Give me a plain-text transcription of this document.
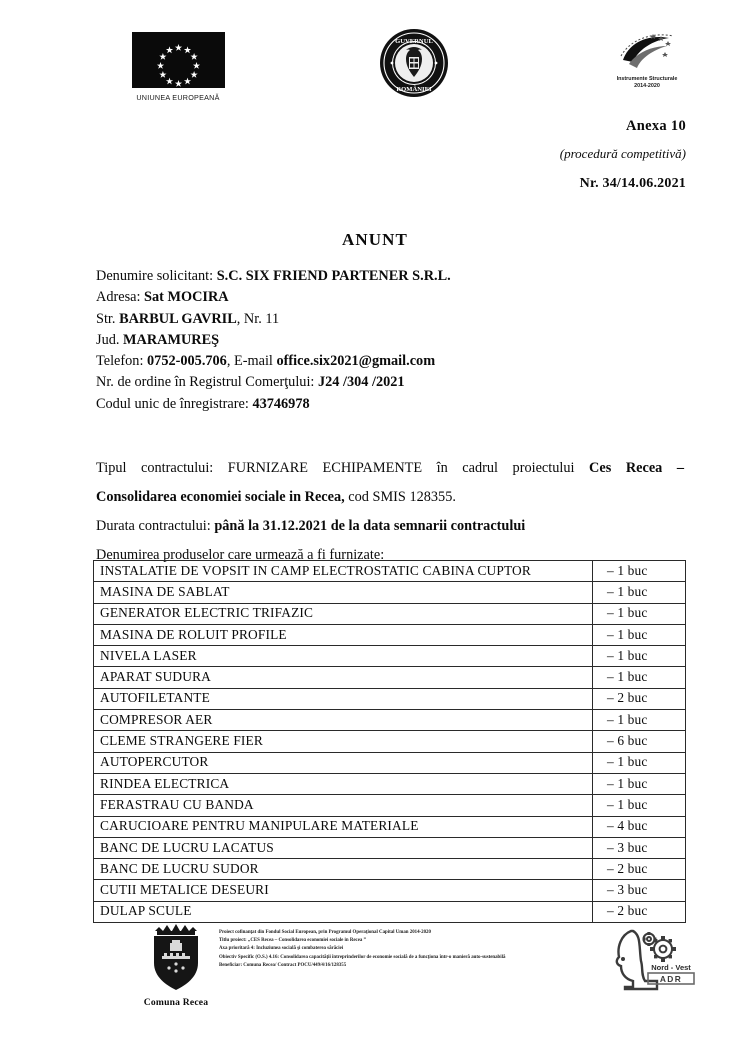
UNIUNEA EUROPEANĂ
GUVERNUL
ROMÂNIEI
Instrumente Structurale
2014-2020
Anexa 10
(procedură competitivă)
Nr. 34/14.06.2021
ANUNT
Denumire solicitant: S.C. SIX FRIEND PARTENER S.R.L.
Adresa: Sat MOCIRA
Str. BARBUL GAVRIL, Nr. 11
Jud. MARAMUREŞ
Telefon: 0752-005.706, E-mail office.six2021@gmail.com
Nr. de ordine în Registrul Comerţului: J24 /304 /2021
Codul unic de înregistrare: 43746978

Tipul contractului: FURNIZARE ECHIPAMENTE în cadrul proiectului Ces Recea –

Consolidarea economiei sociale in Recea, cod SMIS 128355.

Durata contractului: până la 31.12.2021 de la data semnarii contractului

Denumirea produselor care urmează a fi furnizate:

INSTALATIE DE VOPSIT IN CAMP ELECTROSTATIC CABINA CUPTOR	– 1 buc
MASINA DE SABLAT	– 1 buc
GENERATOR ELECTRIC TRIFAZIC	– 1 buc
MASINA DE ROLUIT PROFILE	– 1 buc
NIVELA LASER	– 1 buc
APARAT SUDURA	– 1 buc
AUTOFILETANTE	– 2 buc
COMPRESOR AER	– 1 buc
CLEME STRANGERE FIER	– 6 buc
AUTOPERCUTOR	– 1 buc
RINDEA ELECTRICA	– 1 buc
FERASTRAU CU BANDA	– 1 buc
CARUCIOARE PENTRU MANIPULARE MATERIALE	– 4 buc
BANC DE LUCRU LACATUS	– 3 buc
BANC DE LUCRU SUDOR	– 2 buc
CUTII METALICE DESEURI	– 3 buc
DULAP SCULE	– 2 buc
Comuna Recea
Proiect cofinanţat din Fondul Social European, prin Programul Operaţional Capital Uman 2014-2020
Titlu proiect: „CES Recea – Consolidarea economiei sociale in Recea ”
Axa prioritară 4: Incluziunea socială şi combaterea sărăciei
Obiectiv Specific (O.S.) 4.16: Consolidarea capacităţii întreprinderilor de economie socială de a funcţiona într-o manieră auto-sustenabilă
Beneficiar: Comuna Recea/ Contract POCU/449/4/16/128355	Nord - Vest
ADR
